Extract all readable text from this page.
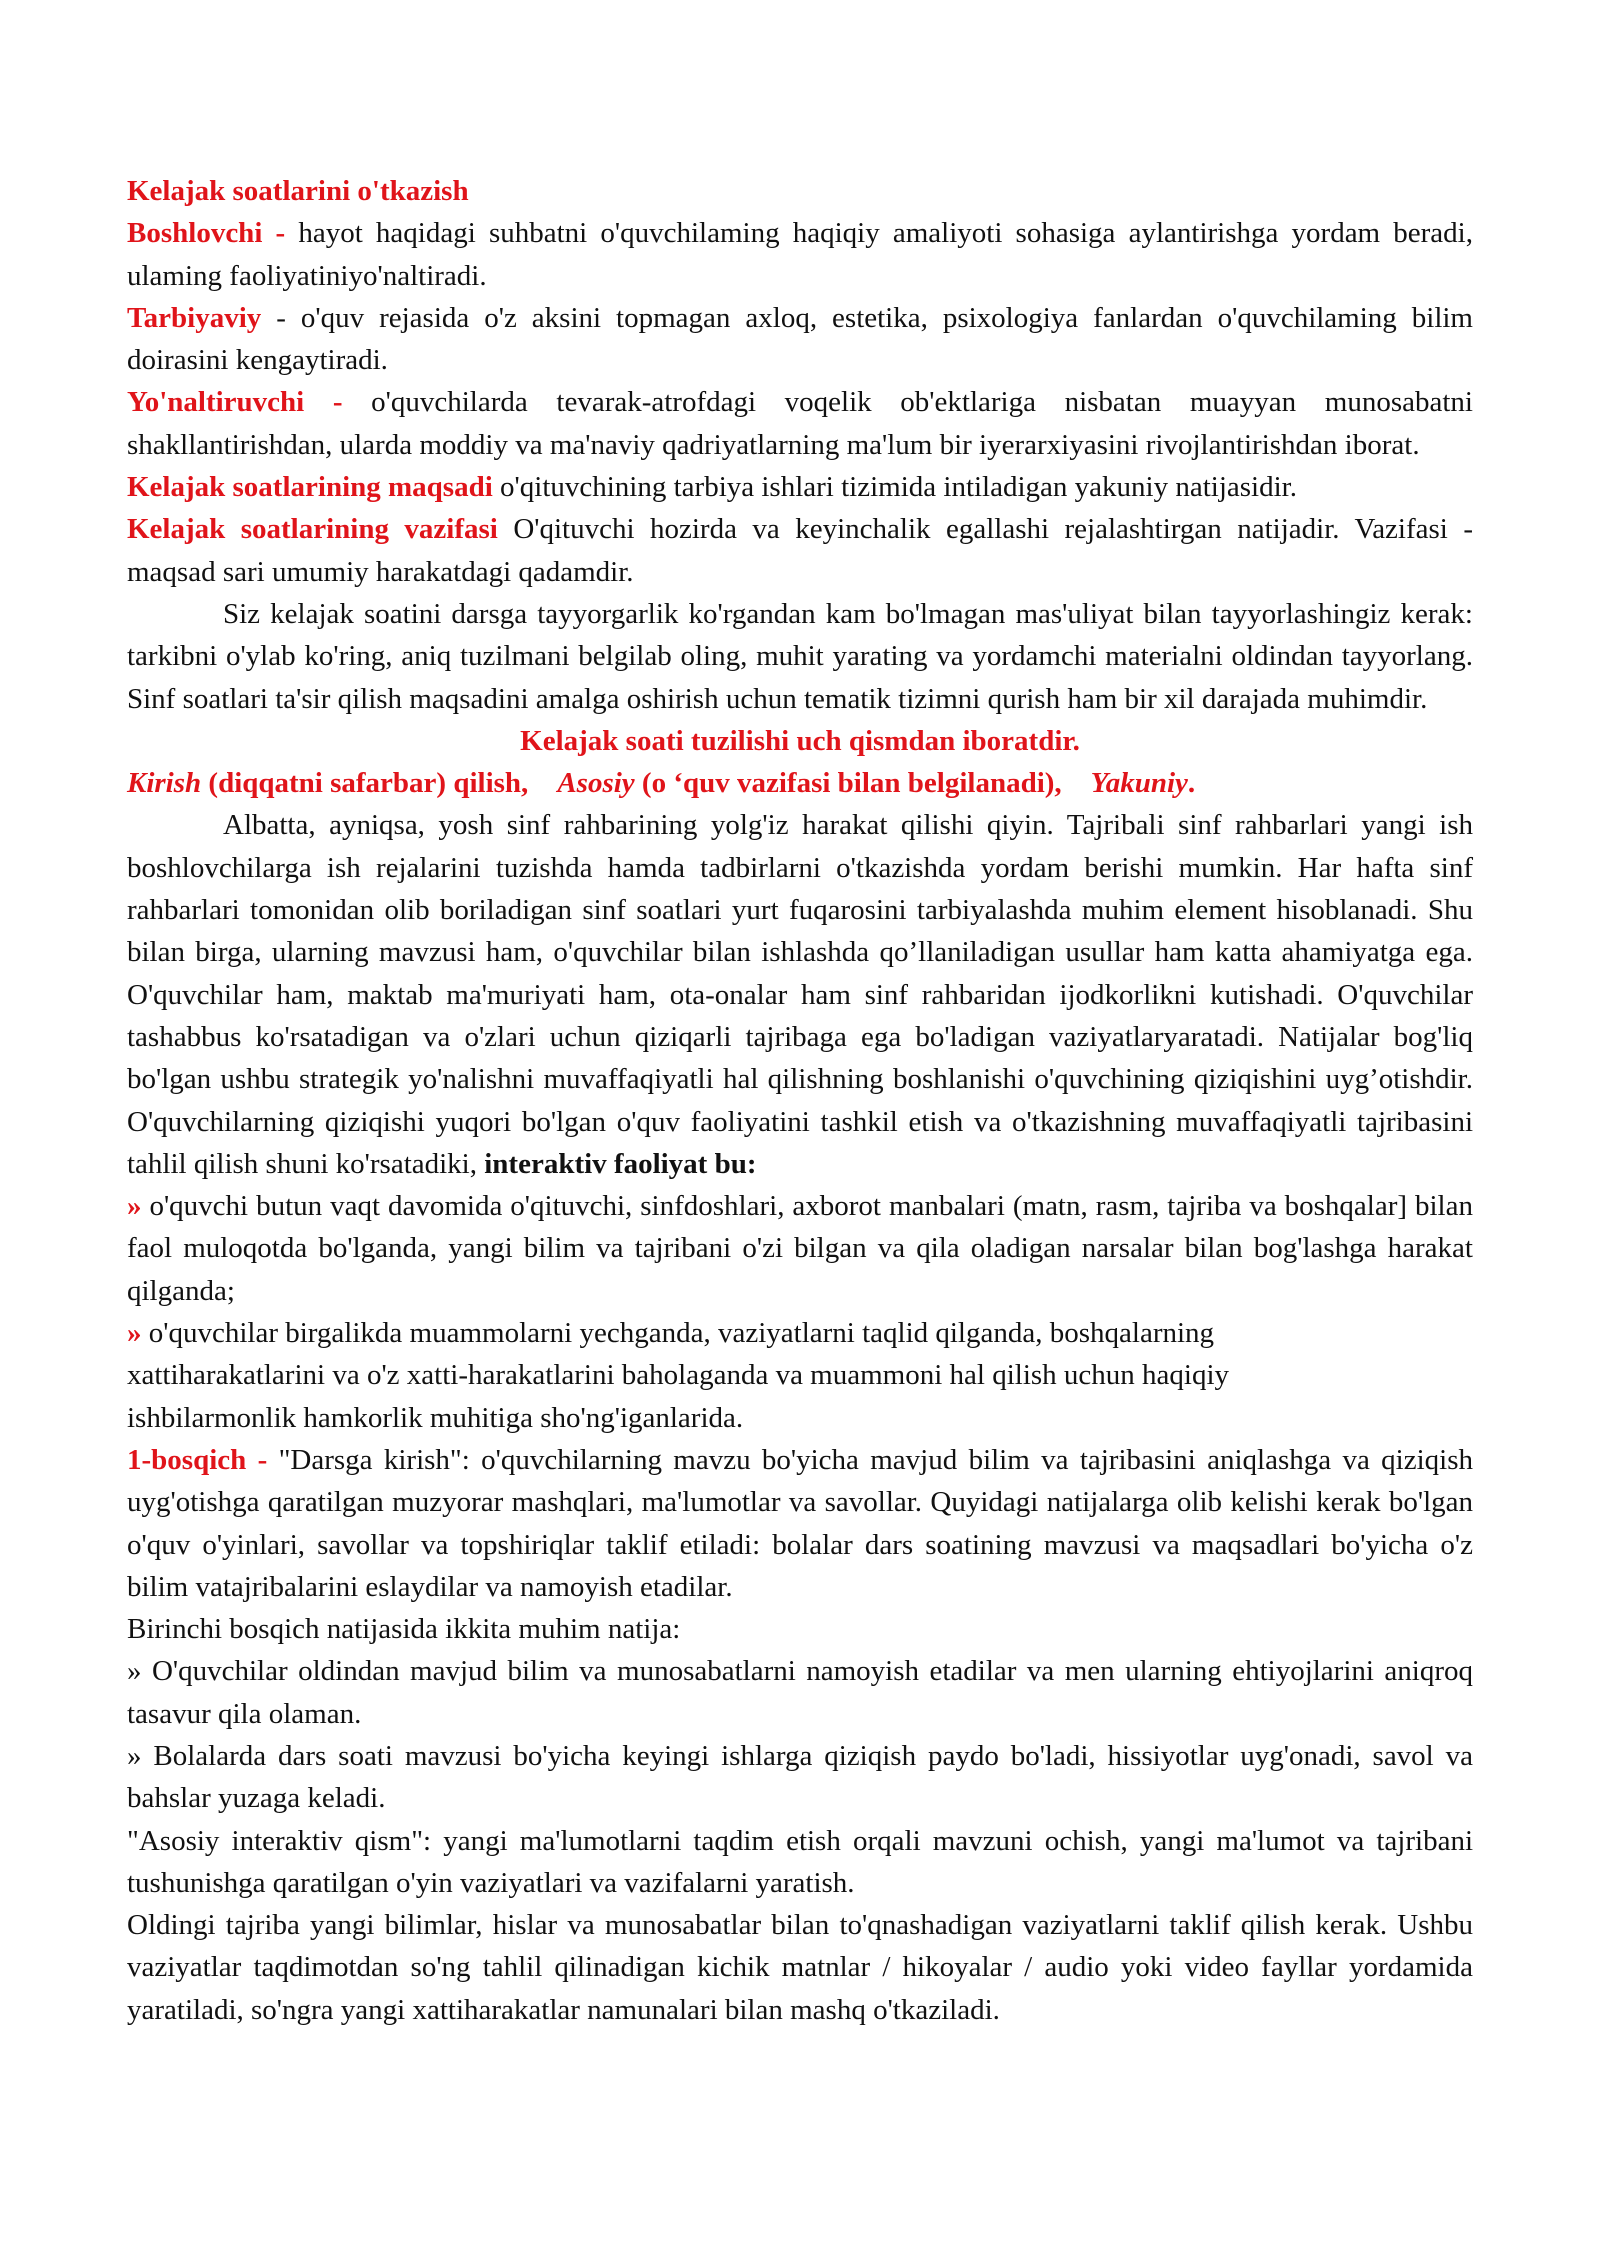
Kelajak soatlarini o'tkazish

Boshlovchi - hayot haqidagi suhbatni o'quvchilaming haqiqiy amaliyoti sohasiga aylantirishga yordam beradi, ulaming faoliyatiniyo'naltiradi.

Tarbiyaviy - o'quv rejasida o'z aksini topmagan axloq, estetika, psixologiya fanlardan o'quvchilaming bilim doirasini kengaytiradi.

Yo'naltiruvchi - o'quvchilarda tevarak-atrofdagi voqelik ob'ektlariga nisbatan muayyan munosabatni shakllantirishdan, ularda moddiy va ma'naviy qadriyatlarning ma'lum bir iyerarxiyasini rivojlantirishdan iborat.

Kelajak soatlarining maqsadi o'qituvchining tarbiya ishlari tizimida intiladigan yakuniy natijasidir.

Kelajak soatlarining vazifasi O'qituvchi hozirda va keyinchalik egallashi rejalashtirgan natijadir. Vazifasi - maqsad sari umumiy harakatdagi qadamdir.

Siz kelajak soatini darsga tayyorgarlik ko'rgandan kam bo'lmagan mas'uliyat bilan tayyorlashingiz kerak: tarkibni o'ylab ko'ring, aniq tuzilmani belgilab oling, muhit yarating va yordamchi materialni oldindan tayyorlang. Sinf soatlari ta'sir qilish maqsadini amalga oshirish uchun tematik tizimni qurish ham bir xil darajada muhimdir.

Kelajak soati tuzilishi uch qismdan iboratdir.

Kirish (diqqatni safarbar) qilish, Asosiy (o ‘quv vazifasi bilan belgilanadi), Yakuniy.

Albatta, ayniqsa, yosh sinf rahbarining yolg'iz harakat qilishi qiyin. Tajribali sinf rahbarlari yangi ish boshlovchilarga ish rejalarini tuzishda hamda tadbirlarni o'tkazishda yordam berishi mumkin. Har hafta sinf rahbarlari tomonidan olib boriladigan sinf soatlari yurt fuqarosini tarbiyalashda muhim element hisoblanadi. Shu bilan birga, ularning mavzusi ham, o'quvchilar bilan ishlashda qo’llaniladigan usullar ham katta ahamiyatga ega. O'quvchilar ham, maktab ma'muriyati ham, ota-onalar ham sinf rahbaridan ijodkorlikni kutishadi. O'quvchilar tashabbus ko'rsatadigan va o'zlari uchun qiziqarli tajribaga ega bo'ladigan vaziyatlaryaratadi. Natijalar bog'liq bo'lgan ushbu strategik yo'nalishni muvaffaqiyatli hal qilishning boshlanishi o'quvchining qiziqishini uyg’otishdir. O'quvchilarning qiziqishi yuqori bo'lgan o'quv faoliyatini tashkil etish va o'tkazishning muvaffaqiyatli tajribasini tahlil qilish shuni ko'rsatadiki, interaktiv faoliyat bu:

» o'quvchi butun vaqt davomida o'qituvchi, sinfdoshlari, axborot manbalari (matn, rasm, tajriba va boshqalar] bilan faol muloqotda bo'lganda, yangi bilim va tajribani o'zi bilgan va qila oladigan narsalar bilan bog'lashga harakat qilganda;

» o'quvchilar birgalikda muammolarni yechganda, vaziyatlarni taqlid qilganda, boshqalarning xattiharakatlarini va o'z xatti-harakatlarini baholaganda va muammoni hal qilish uchun haqiqiy ishbilarmonlik hamkorlik muhitiga sho'ng'iganlarida.

1-bosqich - "Darsga kirish": o'quvchilarning mavzu bo'yicha mavjud bilim va tajribasini aniqlashga va qiziqish uyg'otishga qaratilgan muzyorar mashqlari, ma'lumotlar va savollar. Quyidagi natijalarga olib kelishi kerak bo'lgan o'quv o'yinlari, savollar va topshiriqlar taklif etiladi: bolalar dars soatining mavzusi va maqsadlari bo'yicha o'z bilim vatajribalarini eslaydilar va namoyish etadilar.

Birinchi bosqich natijasida ikkita muhim natija:

» O'quvchilar oldindan mavjud bilim va munosabatlarni namoyish etadilar va men ularning ehtiyojlarini aniqroq tasavur qila olaman.

» Bolalarda dars soati mavzusi bo'yicha keyingi ishlarga qiziqish paydo bo'ladi, hissiyotlar uyg'onadi, savol va bahslar yuzaga keladi.

"Asosiy interaktiv qism": yangi ma'lumotlarni taqdim etish orqali mavzuni ochish, yangi ma'lumot va tajribani tushunishga qaratilgan o'yin vaziyatlari va vazifalarni yaratish.

Oldingi tajriba yangi bilimlar, hislar va munosabatlar bilan to'qnashadigan vaziyatlarni taklif qilish kerak. Ushbu vaziyatlar taqdimotdan so'ng tahlil qilinadigan kichik matnlar / hikoyalar / audio yoki video fayllar yordamida yaratiladi, so'ngra yangi xattiharakatlar namunalari bilan mashq o'tkaziladi.
